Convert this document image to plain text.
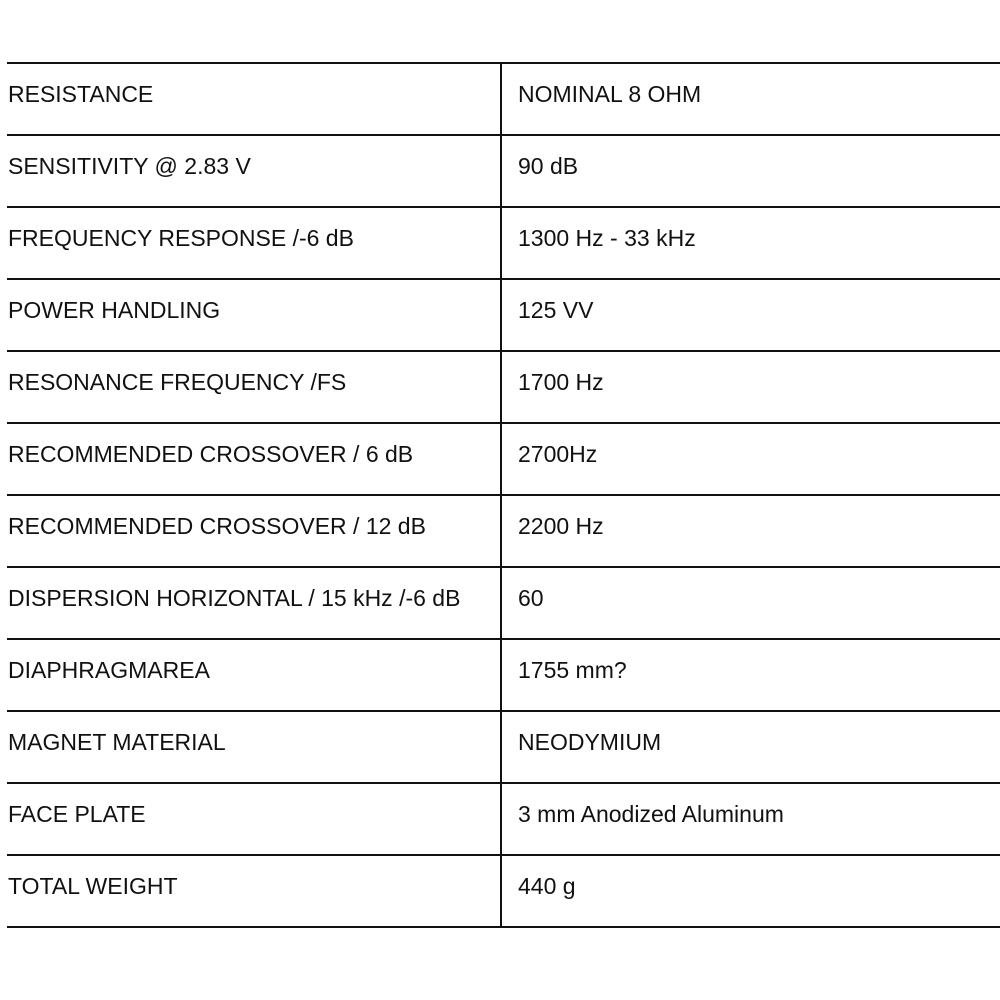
RESISTANCE	NOMINAL 8 OHM
SENSITIVITY @ 2.83 V	90 dB
FREQUENCY RESPONSE /-6 dB	1300 Hz - 33 kHz
POWER HANDLING	125 VV
RESONANCE FREQUENCY /FS	1700 Hz
RECOMMENDED CROSSOVER / 6 dB	2700Hz
RECOMMENDED CROSSOVER / 12 dB	2200 Hz
DISPERSION HORIZONTAL / 15 kHz /-6 dB	60
DIAPHRAGMAREA	1755 mm?
MAGNET MATERIAL	NEODYMIUM
FACE PLATE	3 mm Anodized Aluminum
TOTAL WEIGHT	440 g
